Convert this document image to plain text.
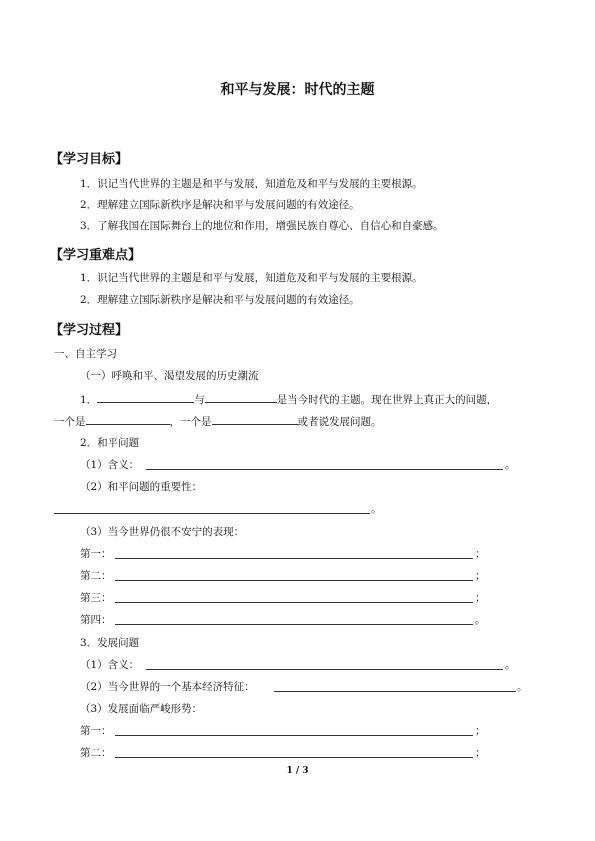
和平与发展：时代的主题
【学习目标】
1．识记当代世界的主题是和平与发展，知道危及和平与发展的主要根源。
2．理解建立国际新秩序是解决和平与发展问题的有效途径。
3．了解我国在国际舞台上的地位和作用，增强民族自尊心、自信心和自豪感。
【学习重难点】
1．识记当代世界的主题是和平与发展，知道危及和平与发展的主要根源。
2．理解建立国际新秩序是解决和平与发展问题的有效途径。
【学习过程】
一、自主学习
（一）呼唤和平、渴望发展的历史潮流
1．	与	是当今时代的主题。现在世界上真正大的问题，
一个是	，一个是	或者说发展问题。
2．和平问题
（1）含义：	。
（2）和平问题的重要性：
。
（3）当今世界仍很不安宁的表现：
第一：	；
第二：	；
第三：	；
第四：	。
3．发展问题
（1）含义：	。
（2）当今世界的一个基本经济特征：	。
（3）发展面临严峻形势：
第一：	；
第二：	；
1 / 3
